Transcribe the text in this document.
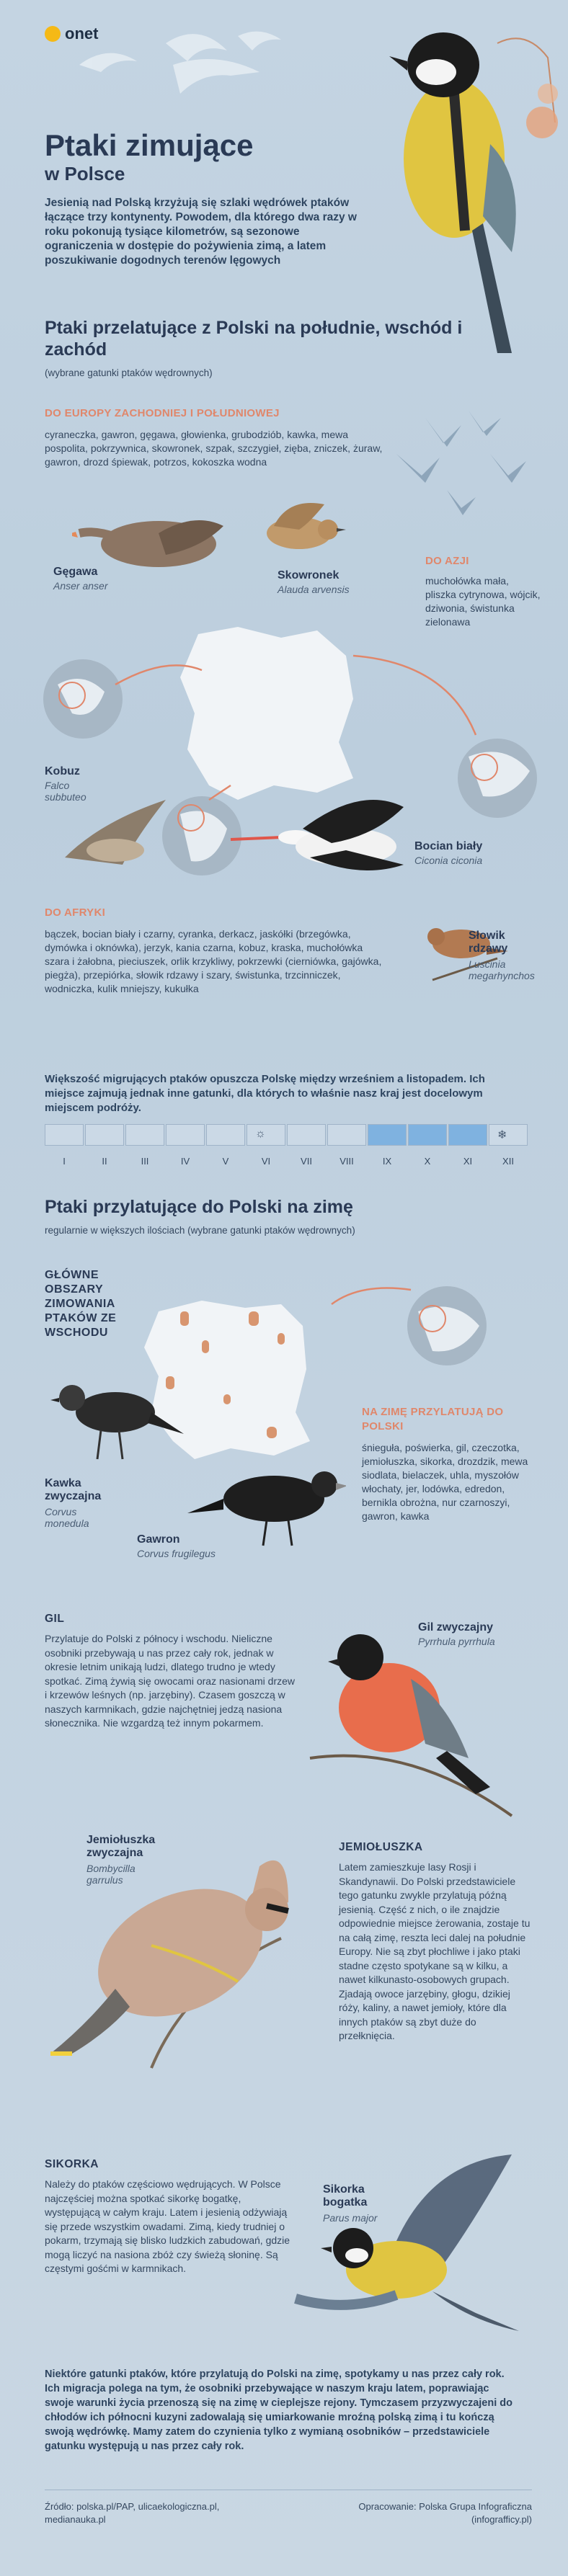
onet
Ptaki zimujące
w Polsce
Jesienią nad Polską krzyżują się szlaki wędrówek ptaków łączące trzy kontynenty. Powodem, dla którego dwa razy w roku pokonują tysiące kilometrów, są sezonowe ograniczenia w dostępie do pożywienia zimą, a latem poszukiwanie dogodnych terenów lęgowych
Ptaki przelatujące z Polski na południe, wschód i zachód
(wybrane gatunki ptaków wędrownych)
DO EUROPY ZACHODNIEJ I POŁUDNIOWEJ
cyraneczka, gawron, gęgawa, głowienka, grubodziób, kawka, mewa pospolita, pokrzywnica, skowronek, szpak, szczygieł, zięba, zniczek, żuraw, gawron, drozd śpiewak, potrzos, kokoszka wodna
Gęgawa
Anser anser
Skowronek
Alauda arvensis
DO AZJI
muchołówka mała, pliszka cytrynowa, wójcik, dziwonia, świstunka zielonawa
Kobuz
Falco subbuteo
Bocian biały
Ciconia ciconia
DO AFRYKI
bączek, bocian biały i czarny, cyranka, derkacz, jaskółki (brzegówka, dymówka i oknówka), jerzyk, kania czarna, kobuz, kraska, muchołówka szara i żałobna, pieciuszek, orlik krzykliwy, pokrzewki (cierniówka, gajówka, piegża), przepiórka, słowik rdzawy i szary, świstunka, trzcinniczek, wodniczka, kulik mniejszy, kukułka
Słowik rdzawy
Luscinia megarhynchos
Większość migrujących ptaków opuszcza Polskę między wrześniem a listopadem. Ich miejsce zajmują jednak inne gatunki, dla których to właśnie nasz kraj jest docelowym miejscem podróży.
☼	❄
I	II	III	IV	V	VI	VII	VIII	IX	X	XI	XII
Ptaki przylatujące do Polski na zimę
regularnie w większych ilościach (wybrane gatunki ptaków wędrownych)
GŁÓWNE OBSZARY ZIMOWANIA PTAKÓW ZE WSCHODU
NA ZIMĘ PRZYLATUJĄ DO POLSKI
śnieguła, poświerka, gil, czeczotka, jemiołuszka, sikorka, drozdzik, mewa siodlata, bielaczek, uhla, myszołów włochaty, jer, lodówka, edredon, bernikla obrożna, nur czarnoszyi, gawron, kawka
Kawka zwyczajna
Corvus monedula
Gawron
Corvus frugilegus
GIL
Przylatuje do Polski z północy i wschodu. Nieliczne osobniki przebywają u nas przez cały rok, jednak w okresie letnim unikają ludzi, dlatego trudno je wtedy spotkać. Zimą żywią się owocami oraz nasionami drzew i krzewów leśnych (np. jarzębiny). Czasem goszczą w naszych karmnikach, gdzie najchętniej jedzą nasiona słonecznika. Nie wzgardzą też innym pokarmem.
Gil zwyczajny
Pyrrhula pyrrhula
Jemiołuszka zwyczajna
Bombycilla garrulus
JEMIOŁUSZKA
Latem zamieszkuje lasy Rosji i Skandynawii. Do Polski przedstawiciele tego gatunku zwykle przylatują późną jesienią. Część z nich, o ile znajdzie odpowiednie miejsce żerowania, zostaje tu na całą zimę, reszta leci dalej na południe Europy. Nie są zbyt płochliwe i jako ptaki stadne często spotykane są w kilku, a nawet kilkunasto-osobowych grupach. Zjadają owoce jarzębiny, głogu, dzikiej róży, kaliny, a nawet jemioły, które dla innych ptaków są zbyt duże do przełknięcia.
SIKORKA
Należy do ptaków częściowo wędrujących. W Polsce najczęściej można spotkać sikorkę bogatkę, występującą w całym kraju. Latem i jesienią odżywiają się przede wszystkim owadami. Zimą, kiedy trudniej o pokarm, trzymają się blisko ludzkich zabudowań, gdzie mogą liczyć na nasiona zbóż czy świeżą słoninę. Są częstymi gośćmi w karmnikach.
Sikorka bogatka
Parus major
Niektóre gatunki ptaków, które przylatują do Polski na zimę, spotykamy u nas przez cały rok. Ich migracja polega na tym, że osobniki przebywające w naszym kraju latem, poprawiając swoje warunki życia przenoszą się na zimę w cieplejsze rejony. Tymczasem przyzwyczajeni do chłodów ich północni kuzyni zadowalają się umiarkowanie mroźną polską zimą i tu kończą swoją wędrówkę. Mamy zatem do czynienia tylko z wymianą osobników – przedstawiciele gatunku występują u nas przez cały rok.
Źródło: polska.pl/PAP, ulicaekologiczna.pl, medianauka.pl
Opracowanie: Polska Grupa Infograficzna
(infografficy.pl)
